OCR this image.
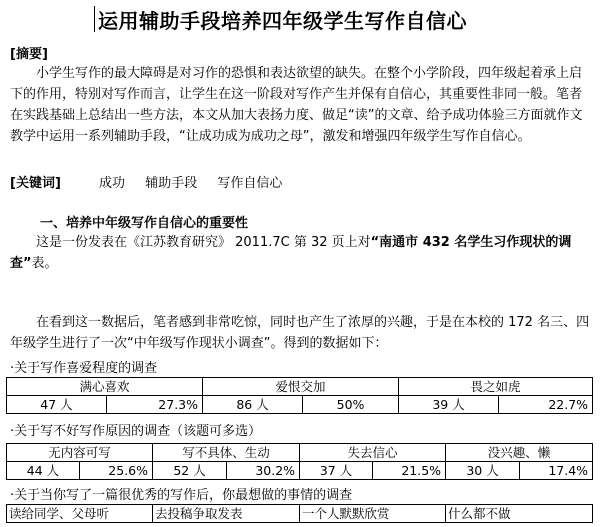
运用辅助手段培养四年级学生写作自信心
[摘要]

小学生写作的最大障碍是对习作的恐惧和表达欲望的缺失。在整个小学阶段，四年级起着承上启下的作用，特别对写作而言，让学生在这一阶段对写作产生并保有自信心，其重要性非同一般。笔者在实践基础上总结出一些方法，本文从加大表扬力度、做足“读”的文章、给予成功体验三方面就作文教学中运用一系列辅助手段，“让成功成为成功之母”，激发和增强四年级学生写作自信心。

[关键词]	成功 辅助手段 写作自信心
一、培养中年级写作自信心的重要性

这是一份发表在《江苏教育研究》 2011.7C 第 32 页上对“南通市 432 名学生习作现状的调查”表。

在看到这一数据后，笔者感到非常吃惊，同时也产生了浓厚的兴趣，于是在本校的 172 名三、四年级学生进行了一次“中年级写作现状小调查”。得到的数据如下：

·关于写作喜爱程度的调查
满心喜欢		爱恨交加		畏之如虎	
47 人	27.3%	86 人	50%	39 人	22.7%
·关于写不好写作原因的调查（该题可多选）
无内容可写		写不具体、生动		失去信心		没兴趣、懒	
44 人	25.6%	52 人	30.2%	37 人	21.5%	30 人	17.4%
·关于当你写了一篇很优秀的写作后，你最想做的事情的调查
读给同学、父母听	去投稿争取发表	一个人默默欣赏	什么都不做
